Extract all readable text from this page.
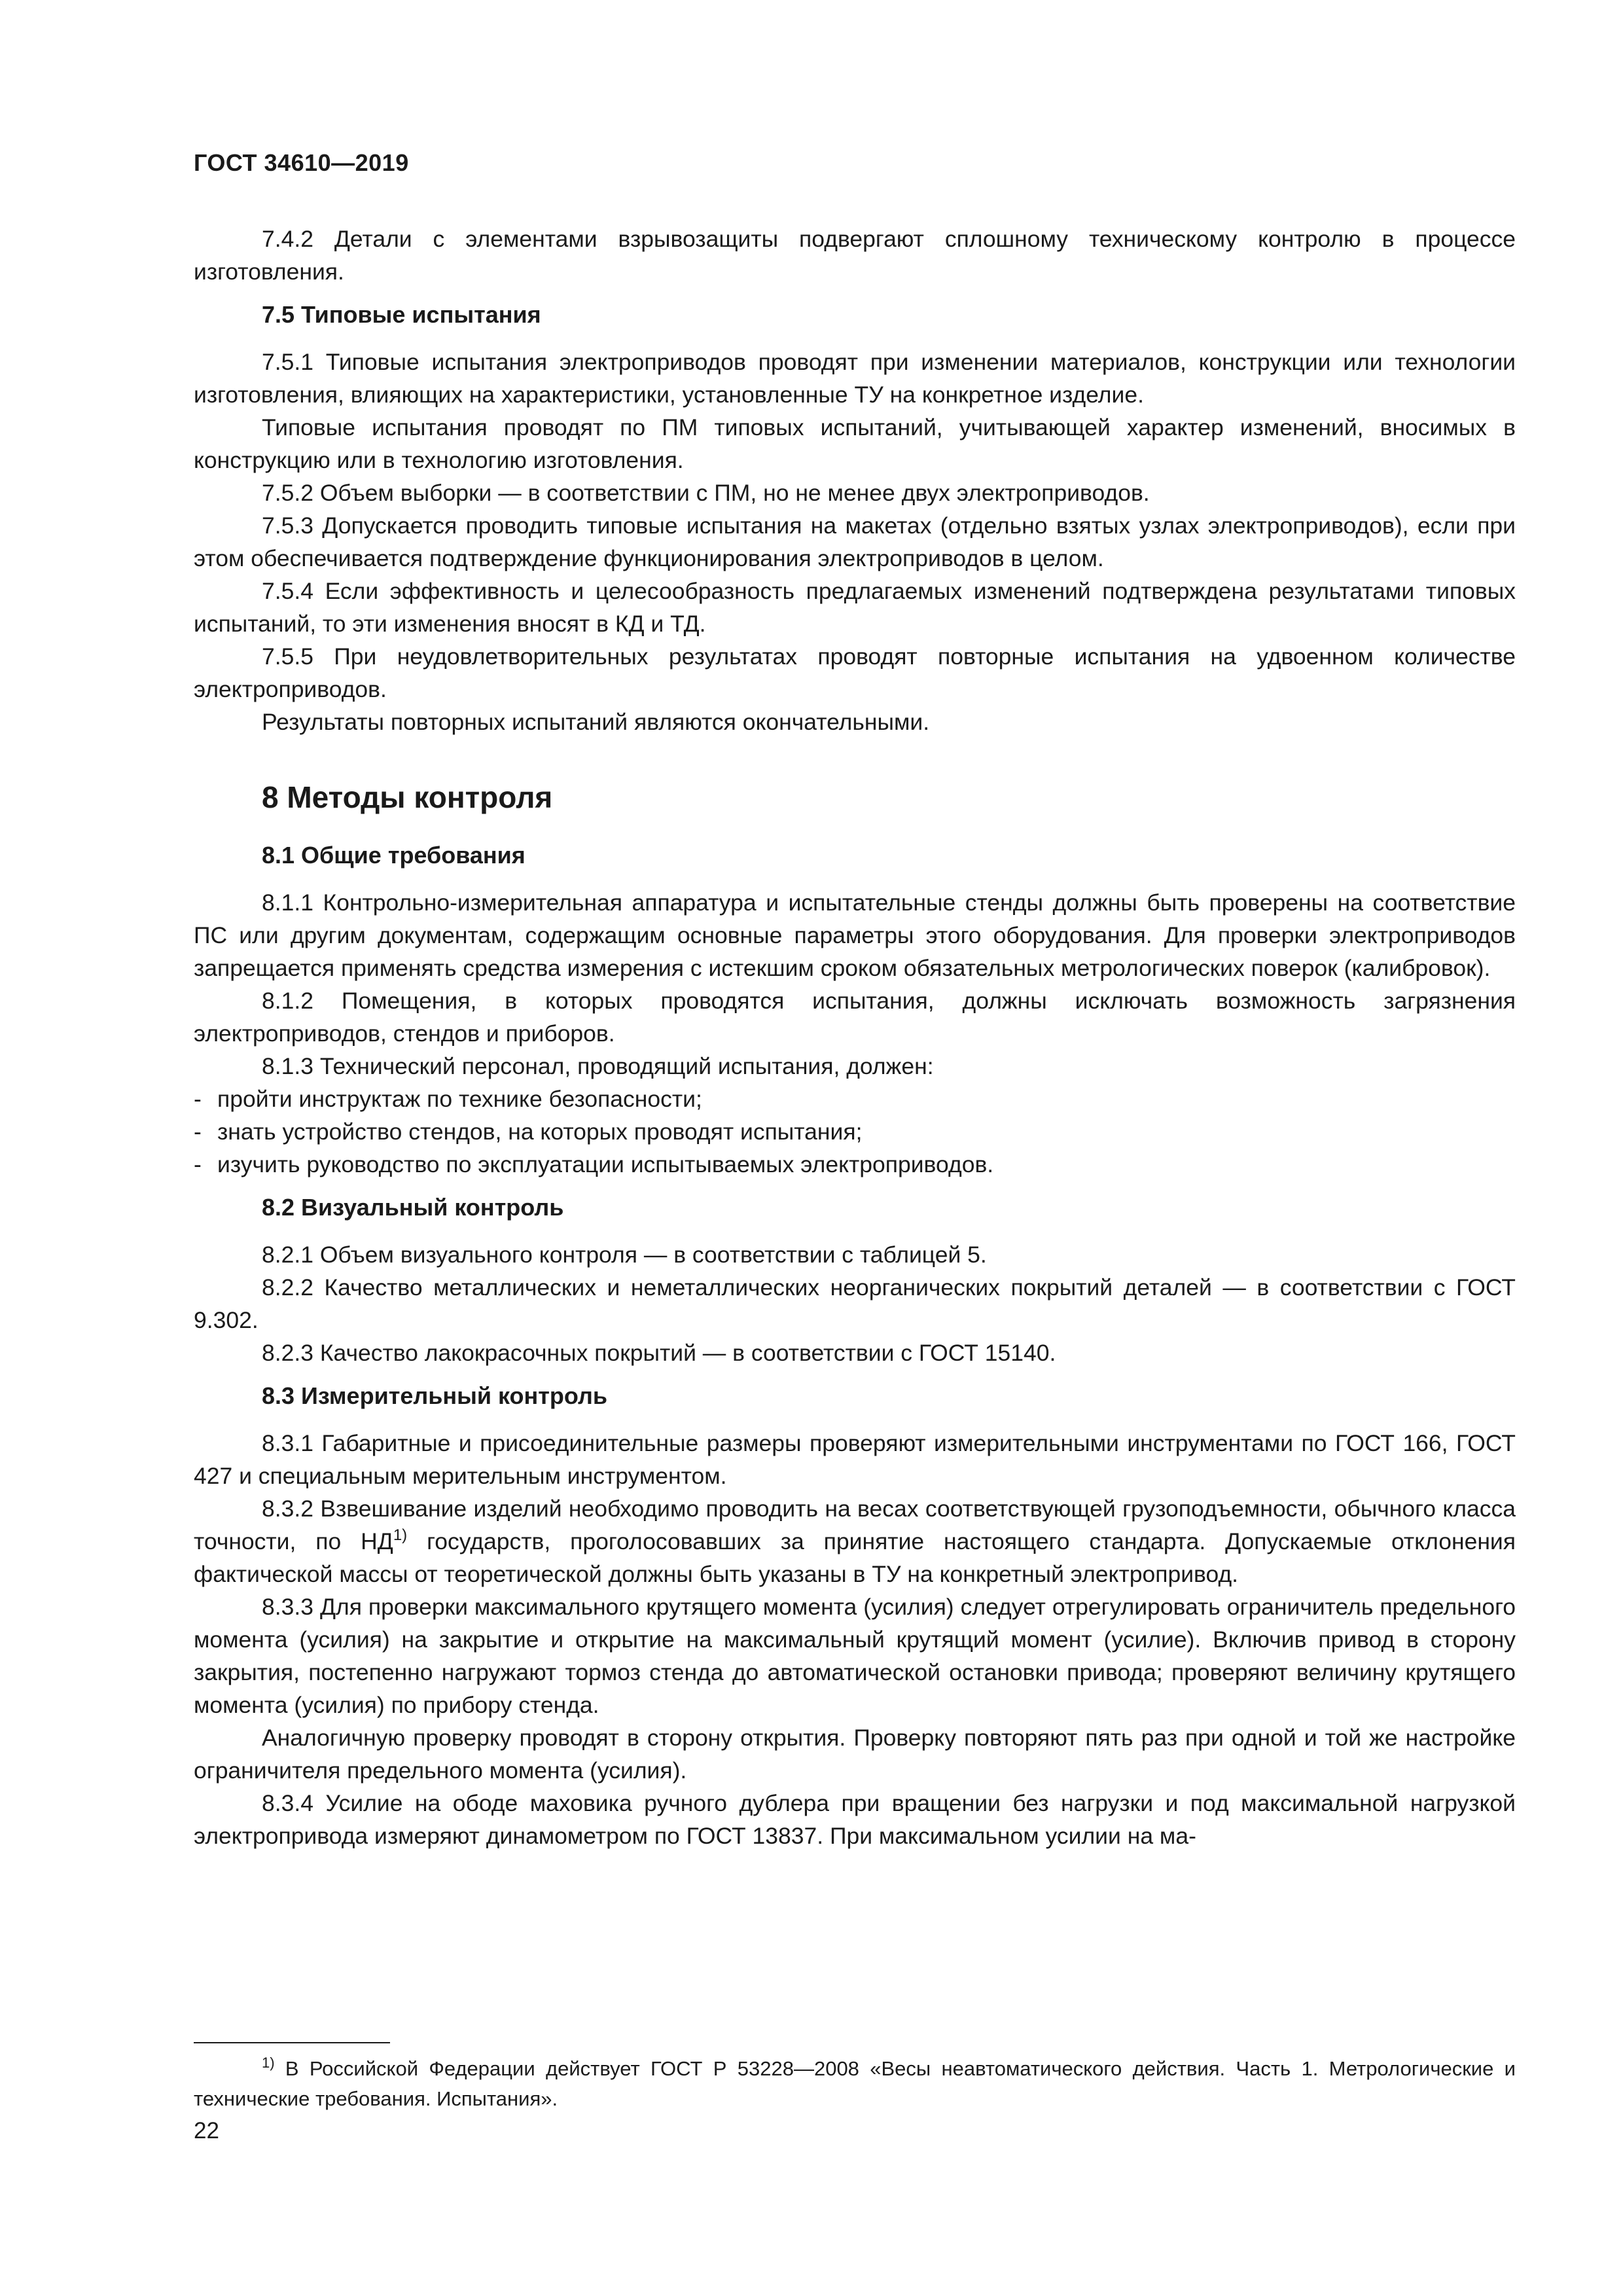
ГОСТ 34610—2019

7.4.2 Детали с элементами взрывозащиты подвергают сплошному техническому контролю в процессе изготовления.

7.5 Типовые испытания

7.5.1 Типовые испытания электроприводов проводят при изменении материалов, конструкции или технологии изготовления, влияющих на характеристики, установленные ТУ на конкретное изделие.

Типовые испытания проводят по ПМ типовых испытаний, учитывающей характер изменений, вносимых в конструкцию или в технологию изготовления.

7.5.2 Объем выборки — в соответствии с ПМ, но не менее двух электроприводов.

7.5.3 Допускается проводить типовые испытания на макетах (отдельно взятых узлах электроприводов), если при этом обеспечивается подтверждение функционирования электроприводов в целом.

7.5.4 Если эффективность и целесообразность предлагаемых изменений подтверждена результатами типовых испытаний, то эти изменения вносят в КД и ТД.

7.5.5 При неудовлетворительных результатах проводят повторные испытания на удвоенном количестве электроприводов.

Результаты повторных испытаний являются окончательными.

8 Методы контроля
8.1 Общие требования

8.1.1 Контрольно-измерительная аппаратура и испытательные стенды должны быть проверены на соответствие ПС или другим документам, содержащим основные параметры этого оборудования. Для проверки электроприводов запрещается применять средства измерения с истекшим сроком обязательных метрологических поверок (калибровок).

8.1.2 Помещения, в которых проводятся испытания, должны исключать возможность загрязнения электроприводов, стендов и приборов.

8.1.3 Технический персонал, проводящий испытания, должен:

- пройти инструктаж по технике безопасности;

- знать устройство стендов, на которых проводят испытания;

- изучить руководство по эксплуатации испытываемых электроприводов.

8.2 Визуальный контроль

8.2.1 Объем визуального контроля — в соответствии с таблицей 5.

8.2.2 Качество металлических и неметаллических неорганических покрытий деталей — в соответствии с ГОСТ 9.302.

8.2.3 Качество лакокрасочных покрытий — в соответствии с ГОСТ 15140.

8.3 Измерительный контроль

8.3.1 Габаритные и присоединительные размеры проверяют измерительными инструментами по ГОСТ 166, ГОСТ 427 и специальным мерительным инструментом.

8.3.2 Взвешивание изделий необходимо проводить на весах соответствующей грузоподъемности, обычного класса точности, по НД$^{1)}$ государств, проголосовавших за принятие настоящего стандарта. Допускаемые отклонения фактической массы от теоретической должны быть указаны в ТУ на конкретный электропривод.

8.3.3 Для проверки максимального крутящего момента (усилия) следует отрегулировать ограничитель предельного момента (усилия) на закрытие и открытие на максимальный крутящий момент (усилие). Включив привод в сторону закрытия, постепенно нагружают тормоз стенда до автоматической остановки привода; проверяют величину крутящего момента (усилия) по прибору стенда.

Аналогичную проверку проводят в сторону открытия. Проверку повторяют пять раз при одной и той же настройке ограничителя предельного момента (усилия).

8.3.4 Усилие на ободе маховика ручного дублера при вращении без нагрузки и под максимальной нагрузкой электропривода измеряют динамометром по ГОСТ 13837. При максимальном усилии на ма-

$^{1)}$ В Российской Федерации действует ГОСТ Р 53228—2008 «Весы неавтоматического действия. Часть 1. Метрологические и технические требования. Испытания».
22
